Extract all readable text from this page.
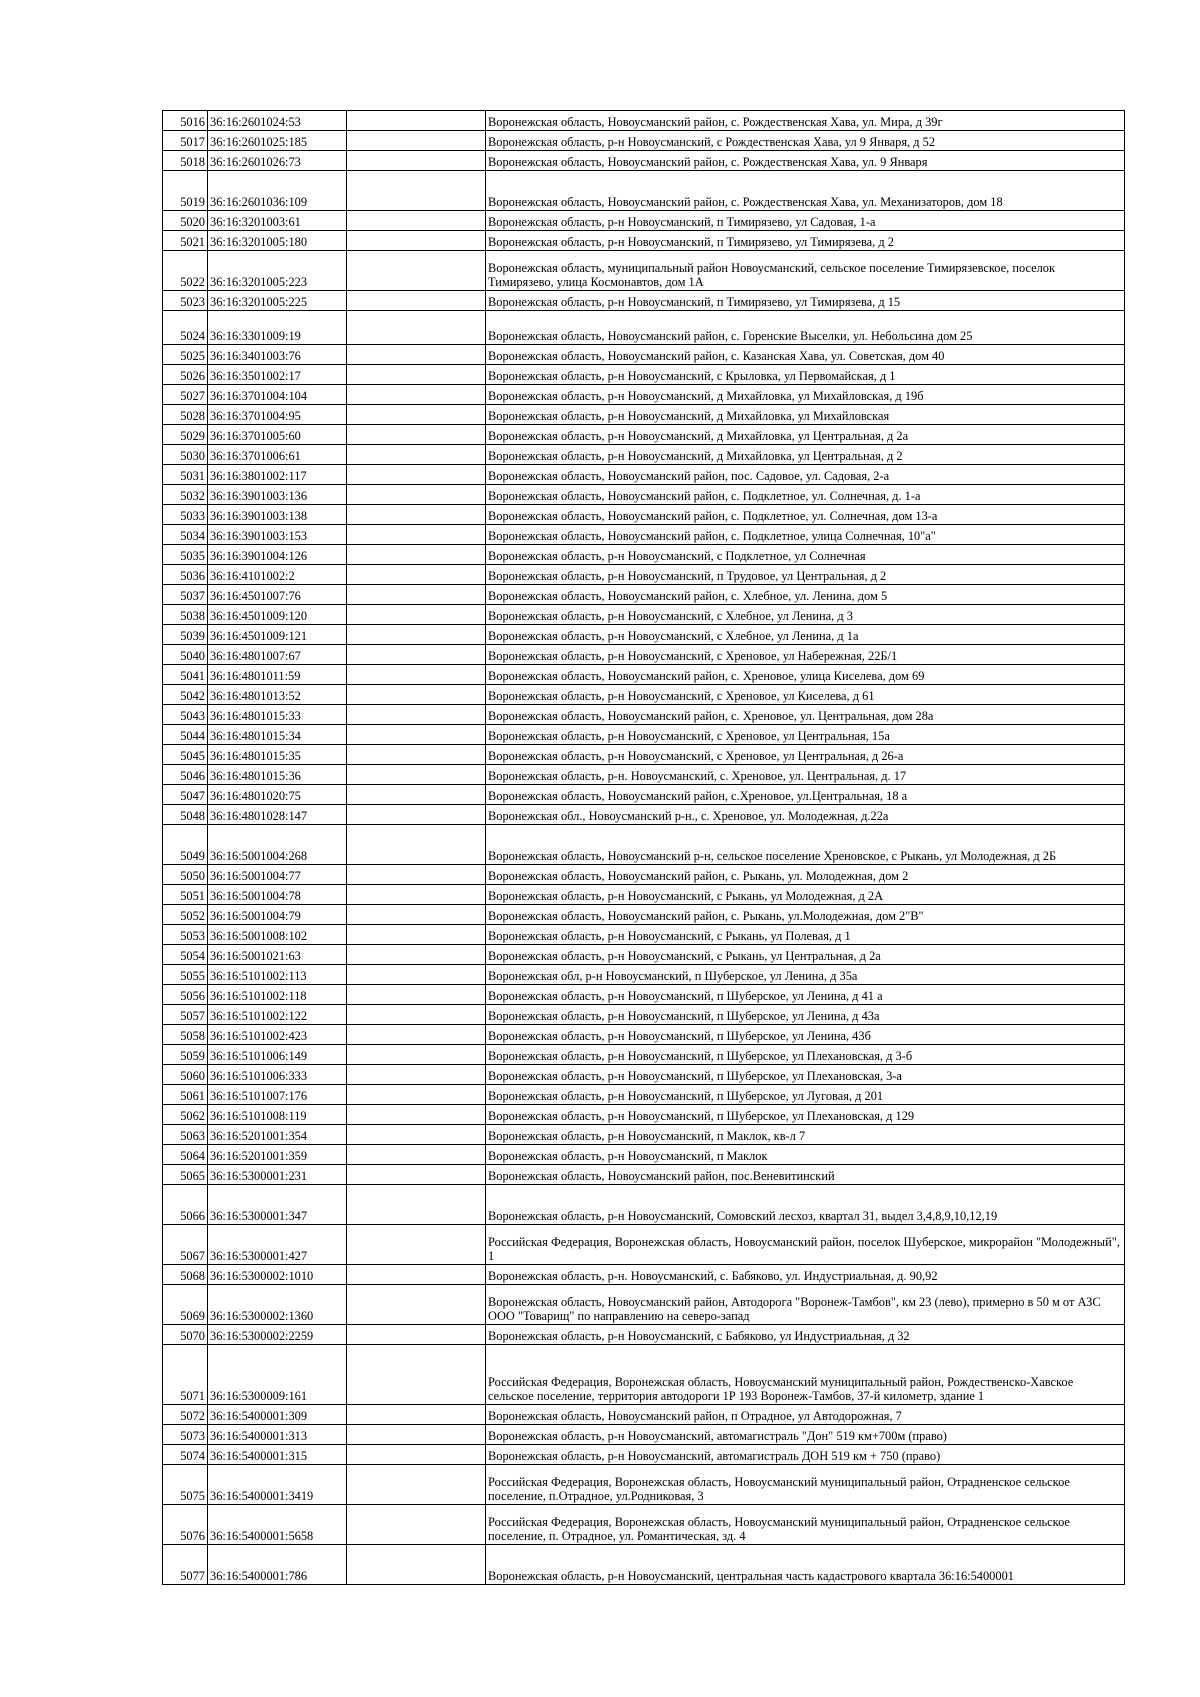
5016	36:16:2601024:53		Воронежская область, Новоусманский район, с. Рождественская Хава, ул. Мира, д 39г
5017	36:16:2601025:185		Воронежская область, р-н Новоусманский, с Рождественская Хава, ул 9 Января, д 52
5018	36:16:2601026:73		Воронежская область, Новоусманский район, с. Рождественская Хава, ул. 9 Января
5019	36:16:2601036:109		Воронежская область, Новоусманский район, с. Рождественская Хава, ул. Механизаторов, дом 18
5020	36:16:3201003:61		Воронежская область, р-н Новоусманский, п Тимирязево, ул Садовая, 1-а
5021	36:16:3201005:180		Воронежская область, р-н Новоусманский, п Тимирязево, ул Тимирязева, д 2
5022	36:16:3201005:223		Воронежская область, муниципальный район Новоусманский, сельское поселение Тимирязевское, поселок Тимирязево, улица Космонавтов, дом 1А
5023	36:16:3201005:225		Воронежская область, р-н Новоусманский, п Тимирязево, ул Тимирязева, д 15
5024	36:16:3301009:19		Воронежская область, Новоусманский район, с. Горенские Выселки, ул. Небольсина дом 25
5025	36:16:3401003:76		Воронежская область, Новоусманский район, с. Казанская Хава, ул. Советская, дом 40
5026	36:16:3501002:17		Воронежская область, р-н Новоусманский, с Крыловка, ул Первомайская, д 1
5027	36:16:3701004:104		Воронежская область, р-н Новоусманский, д Михайловка, ул Михайловская, д 19б
5028	36:16:3701004:95		Воронежская область, р-н Новоусманский, д Михайловка, ул Михайловская
5029	36:16:3701005:60		Воронежская область, р-н Новоусманский, д Михайловка, ул Центральная, д 2а
5030	36:16:3701006:61		Воронежская область, р-н Новоусманский, д Михайловка, ул Центральная, д 2
5031	36:16:3801002:117		Воронежская область, Новоусманский район, пос. Садовое, ул. Садовая, 2-а
5032	36:16:3901003:136		Воронежская область, Новоусманский район, с. Подклетное, ул. Солнечная, д. 1-а
5033	36:16:3901003:138		Воронежская область, Новоусманский район, с. Подклетное, ул. Солнечная, дом 13-а
5034	36:16:3901003:153		Воронежская область, Новоусманский район, с. Подклетное, улица Солнечная, 10"а"
5035	36:16:3901004:126		Воронежская область, р-н Новоусманский, с Подклетное, ул Солнечная
5036	36:16:4101002:2		Воронежская область, р-н Новоусманский, п Трудовое, ул Центральная, д 2
5037	36:16:4501007:76		Воронежская область, Новоусманский район, с. Хлебное, ул. Ленина, дом 5
5038	36:16:4501009:120		Воронежская область, р-н Новоусманский, с Хлебное, ул Ленина, д 3
5039	36:16:4501009:121		Воронежская область, р-н Новоусманский, с Хлебное, ул Ленина, д 1а
5040	36:16:4801007:67		Воронежская область, р-н Новоусманский, с Хреновое, ул Набережная, 22Б/1
5041	36:16:4801011:59		Воронежская область, Новоусманский район, с. Хреновое, улица Киселева, дом 69
5042	36:16:4801013:52		Воронежская область, р-н Новоусманский, с Хреновое, ул Киселева, д 61
5043	36:16:4801015:33		Воронежская область, Новоусманский район, с. Хреновое, ул. Центральная, дом 28а
5044	36:16:4801015:34		Воронежская область, р-н Новоусманский, с Хреновое, ул Центральная, 15а
5045	36:16:4801015:35		Воронежская область, р-н Новоусманский, с Хреновое, ул Центральная, д 26-а
5046	36:16:4801015:36		Воронежская область, р-н. Новоусманский, с. Хреновое, ул. Центральная, д. 17
5047	36:16:4801020:75		Воронежская область, Новоусманский район, с.Хреновое, ул.Центральная, 18 а
5048	36:16:4801028:147		Воронежская обл., Новоусманский р-н., с. Хреновое, ул. Молодежная, д.22а
5049	36:16:5001004:268		Воронежская область, Новоусманский р-н, сельское поселение Хреновское, с Рыкань, ул Молодежная, д 2Б
5050	36:16:5001004:77		Воронежская область, Новоусманский район, с. Рыкань, ул. Молодежная, дом 2
5051	36:16:5001004:78		Воронежская область, р-н Новоусманский, с Рыкань, ул Молодежная, д 2А
5052	36:16:5001004:79		Воронежская область, Новоусманский район, с. Рыкань, ул.Молодежная, дом 2"В"
5053	36:16:5001008:102		Воронежская область, р-н Новоусманский, с Рыкань, ул Полевая, д 1
5054	36:16:5001021:63		Воронежская область, р-н Новоусманский, с Рыкань, ул Центральная, д 2а
5055	36:16:5101002:113		Воронежская обл, р-н Новоусманский, п Шуберское, ул Ленина, д 35а
5056	36:16:5101002:118		Воронежская область, р-н Новоусманский, п Шуберское, ул Ленина, д 41 а
5057	36:16:5101002:122		Воронежская область, р-н Новоусманский, п Шуберское, ул Ленина, д 43а
5058	36:16:5101002:423		Воронежская область, р-н Новоусманский, п Шуберское, ул Ленина, 43б
5059	36:16:5101006:149		Воронежская область, р-н Новоусманский, п Шуберское, ул Плехановская, д 3-б
5060	36:16:5101006:333		Воронежская область, р-н Новоусманский, п Шуберское, ул Плехановская, 3-а
5061	36:16:5101007:176		Воронежская область, р-н Новоусманский, п Шуберское, ул Луговая, д 201
5062	36:16:5101008:119		Воронежская область, р-н Новоусманский, п Шуберское, ул Плехановская, д 129
5063	36:16:5201001:354		Воронежская область, р-н Новоусманский, п Маклок, кв-л 7
5064	36:16:5201001:359		Воронежская область, р-н Новоусманский, п Маклок
5065	36:16:5300001:231		Воронежская область, Новоусманский район, пос.Веневитинский
5066	36:16:5300001:347		Воронежская область, р-н Новоусманский, Сомовский лесхоз, квартал 31, выдел 3,4,8,9,10,12,19
5067	36:16:5300001:427		Российская Федерация, Воронежская область, Новоусманский район, поселок Шуберское, микрорайон "Молодежный", 1
5068	36:16:5300002:1010		Воронежская область, р-н. Новоусманский, с. Бабяково, ул. Индустриальная, д. 90,92
5069	36:16:5300002:1360		Воронежская область, Новоусманский район, Автодорога "Воронеж-Тамбов", км 23 (лево), примерно в 50 м от АЗС ООО "Товарищ" по направлению на северо-запад
5070	36:16:5300002:2259		Воронежская область, р-н Новоусманский, с Бабяково, ул Индустриальная, д 32
5071	36:16:5300009:161		Российская Федерация, Воронежская область, Новоусманский муниципальный район, Рождественско-Хавское сельское поселение, территория автодороги 1Р 193 Воронеж-Тамбов, 37-й километр, здание 1
5072	36:16:5400001:309		Воронежская область, Новоусманский район, п Отрадное, ул Автодорожная, 7
5073	36:16:5400001:313		Воронежская область, р-н Новоусманский, автомагистраль "Дон" 519 км+700м (право)
5074	36:16:5400001:315		Воронежская область, р-н Новоусманский, автомагистраль ДОН 519 км + 750 (право)
5075	36:16:5400001:3419		Российская Федерация, Воронежская область, Новоусманский муниципальный район, Отрадненское сельское поселение, п.Отрадное, ул.Родниковая, 3
5076	36:16:5400001:5658		Российская Федерация, Воронежская область, Новоусманский муниципальный район, Отрадненское сельское поселение, п. Отрадное, ул. Романтическая, зд. 4
5077	36:16:5400001:786		Воронежская область, р-н Новоусманский, центральная часть кадастрового квартала 36:16:5400001
